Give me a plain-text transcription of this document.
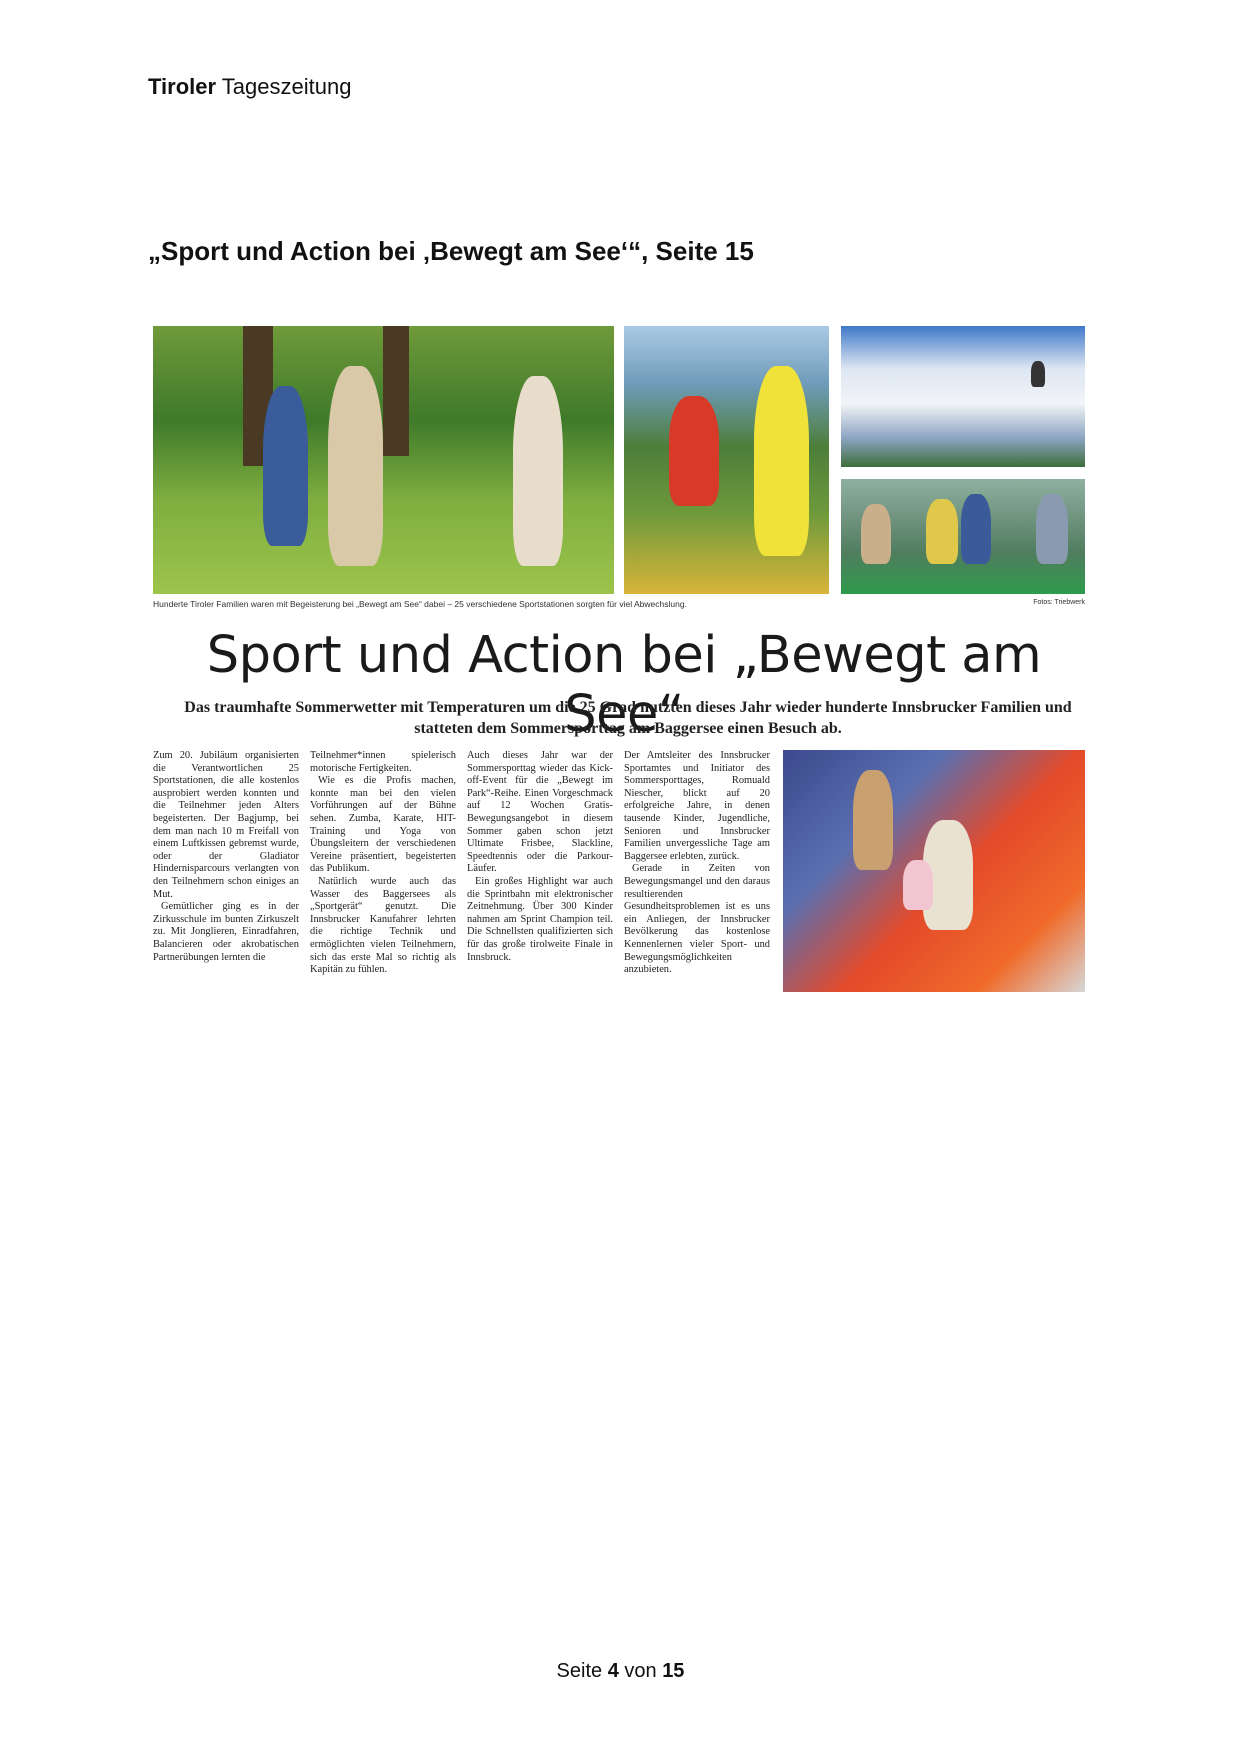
Tiroler Tageszeitung
„Sport und Action bei ‚Bewegt am See‘“, Seite 15
Hunderte Tiroler Familien waren mit Begeisterung bei „Bewegt am See“ dabei – 25 verschiedene Sportstationen sorgten für viel Abwechslung.	Fotos: Triebwerk
Sport und Action bei „Bewegt am See“
Das traumhafte Sommerwetter mit Temperaturen um die 25 Grad nutzten dieses Jahr wieder hunderte Innsbrucker Familien und statteten dem Sommersporttag am Baggersee einen Besuch ab.

Zum 20. Jubiläum organisierten die Verantwortlichen 25 Sportstationen, die alle kostenlos ausprobiert werden konnten und die Teilnehmer jeden Alters begeisterten. Der Bagjump, bei dem man nach 10 m Freifall von einem Luftkissen gebremst wurde, oder der Gladiator Hindernisparcours verlangten von den Teilnehmern schon einiges an Mut.

Gemütlicher ging es in der Zirkusschule im bunten Zirkuszelt zu. Mit Jonglieren, Einradfahren, Balancieren oder akrobatischen Partnerübungen lernten die

Teilnehmer*innen spielerisch motorische Fertigkeiten.

Wie es die Profis machen, konnte man bei den vielen Vorführungen auf der Bühne sehen. Zumba, Karate, HIT-Training und Yoga von Übungsleitern der verschiedenen Vereine präsentiert, begeisterten das Publikum.

Natürlich wurde auch das Wasser des Baggersees als „Sportgerät“ genutzt. Die Innsbrucker Kanufahrer lehrten die richtige Technik und ermöglichten vielen Teilnehmern, sich das erste Mal so richtig als Kapitän zu fühlen.

Auch dieses Jahr war der Sommersporttag wieder das Kick-off-Event für die „Bewegt im Park“-Reihe. Einen Vorgeschmack auf 12 Wochen Gratis-Bewegungsangebot in diesem Sommer gaben schon jetzt Ultimate Frisbee, Slackline, Speedtennis oder die Parkour-Läufer.

Ein großes Highlight war auch die Sprintbahn mit elektronischer Zeitnehmung. Über 300 Kinder nahmen am Sprint Champion teil. Die Schnellsten qualifizierten sich für das große tirolweite Finale in Innsbruck.

Der Amtsleiter des Innsbrucker Sportamtes und Initiator des Sommersporttages, Romuald Niescher, blickt auf 20 erfolgreiche Jahre, in denen tausende Kinder, Jugendliche, Senioren und Innsbrucker Familien unvergessliche Tage am Baggersee erlebten, zurück.

Gerade in Zeiten von Bewegungsmangel und den daraus resultierenden Gesundheitsproblemen ist es uns ein Anliegen, der Innsbrucker Bevölkerung das kostenlose Kennenlernen vieler Sport- und Bewegungsmöglichkeiten anzubieten.

Seite 4 von 15
